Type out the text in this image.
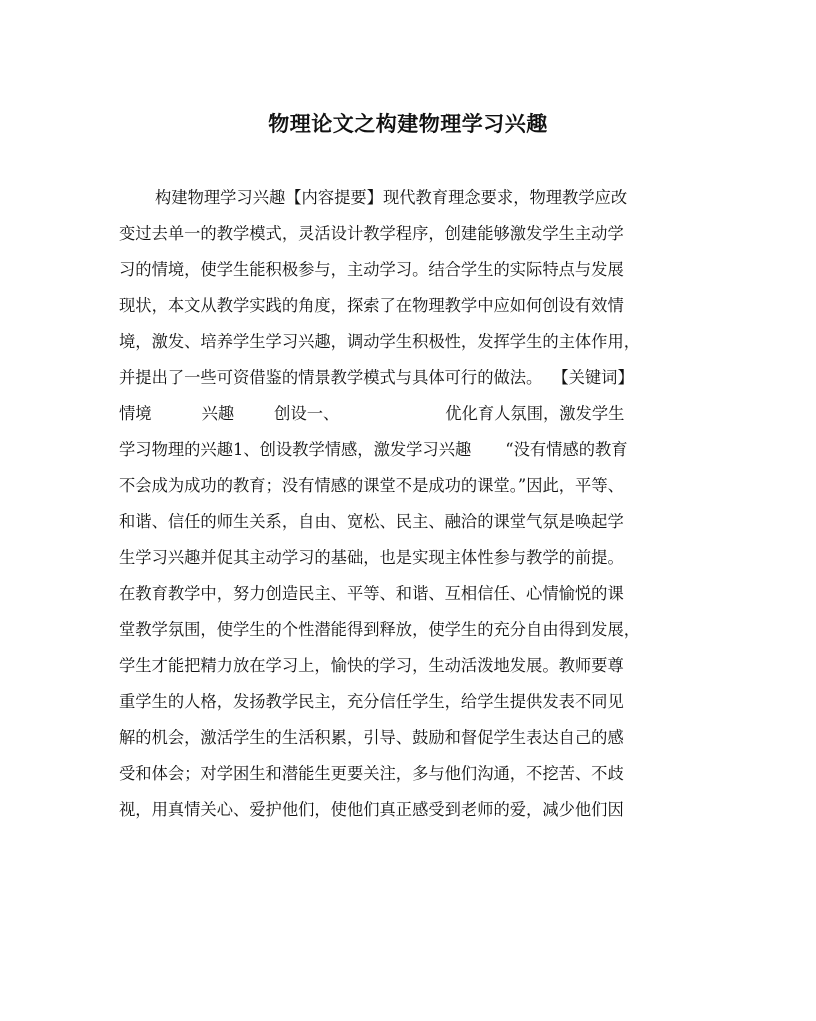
物理论文之构建物理学习兴趣
构建物理学习兴趣【内容提要】现代教育理念要求，物理教学应改
变过去单一的教学模式，灵活设计教学程序，创建能够激发学生主动学
习的情境，使学生能积极参与，主动学习。结合学生的实际特点与发展
现状，本文从教学实践的角度，探索了在物理教学中应如何创设有效情
境，激发、培养学生学习兴趣，调动学生积极性，发挥学生的主体作用，
并提出了一些可资借鉴的情景教学模式与具体可行的做法。 【关键词】
情境	兴趣 创设一、	优化育人氛围，激发学生
学习物理的兴趣1、创设教学情感，激发学习兴趣 “没有情感的教育
不会成为成功的教育；没有情感的课堂不是成功的课堂。”因此，平等、
和谐、信任的师生关系，自由、宽松、民主、融洽的课堂气氛是唤起学
生学习兴趣并促其主动学习的基础，也是实现主体性参与教学的前提。
在教育教学中，努力创造民主、平等、和谐、互相信任、心情愉悦的课
堂教学氛围，使学生的个性潜能得到释放，使学生的充分自由得到发展，
学生才能把精力放在学习上，愉快的学习，生动活泼地发展。教师要尊
重学生的人格，发扬教学民主，充分信任学生，给学生提供发表不同见
解的机会，激活学生的生活积累，引导、鼓励和督促学生表达自己的感
受和体会；对学困生和潜能生更要关注，多与他们沟通，不挖苦、不歧
视，用真情关心、爱护他们，使他们真正感受到老师的爱，减少他们因
